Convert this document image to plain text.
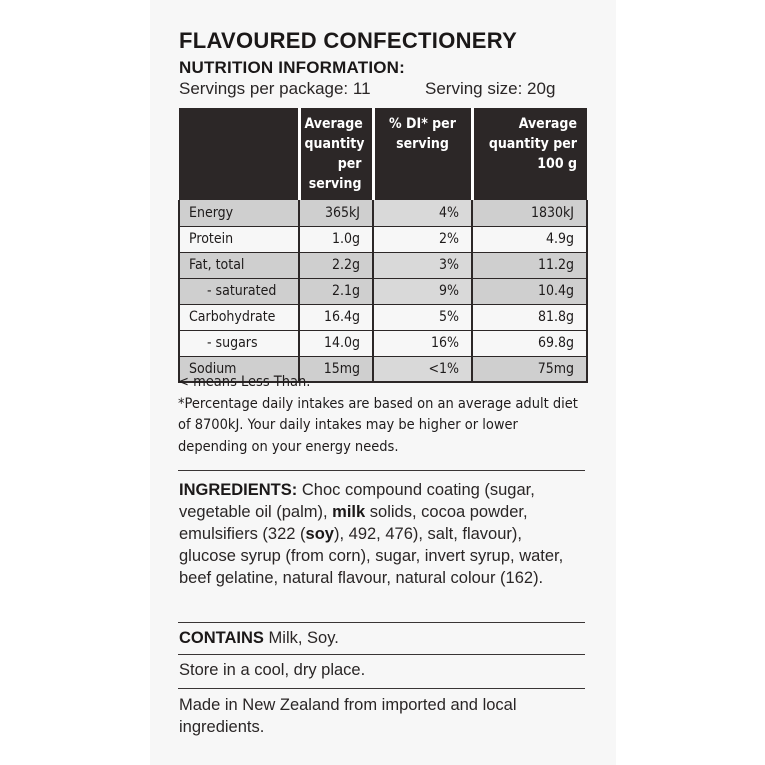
FLAVOURED CONFECTIONERY
NUTRITION INFORMATION:
Servings per package: 11	Serving size: 20g
	Average quantity per serving	% DI* per serving	Average quantity per 100 g
Energy	365kJ	4%	1830kJ
Protein	1.0g	2%	4.9g
Fat, total	2.2g	3%	11.2g
- saturated	2.1g	9%	10.4g
Carbohydrate	16.4g	5%	81.8g
- sugars	14.0g	16%	69.8g
Sodium	15mg	<1%	75mg

< means Less Than.

*Percentage daily intakes are based on an average adult diet of 8700kJ. Your daily intakes may be higher or lower depending on your energy needs.

INGREDIENTS: Choc compound coating (sugar, vegetable oil (palm), milk solids, cocoa powder, emulsifiers (322 (soy), 492, 476), salt, flavour), glucose syrup (from corn), sugar, invert syrup, water, beef gelatine, natural flavour, natural colour (162).
CONTAINS Milk, Soy.
Store in a cool, dry place.
Made in New Zealand from imported and local ingredients.
